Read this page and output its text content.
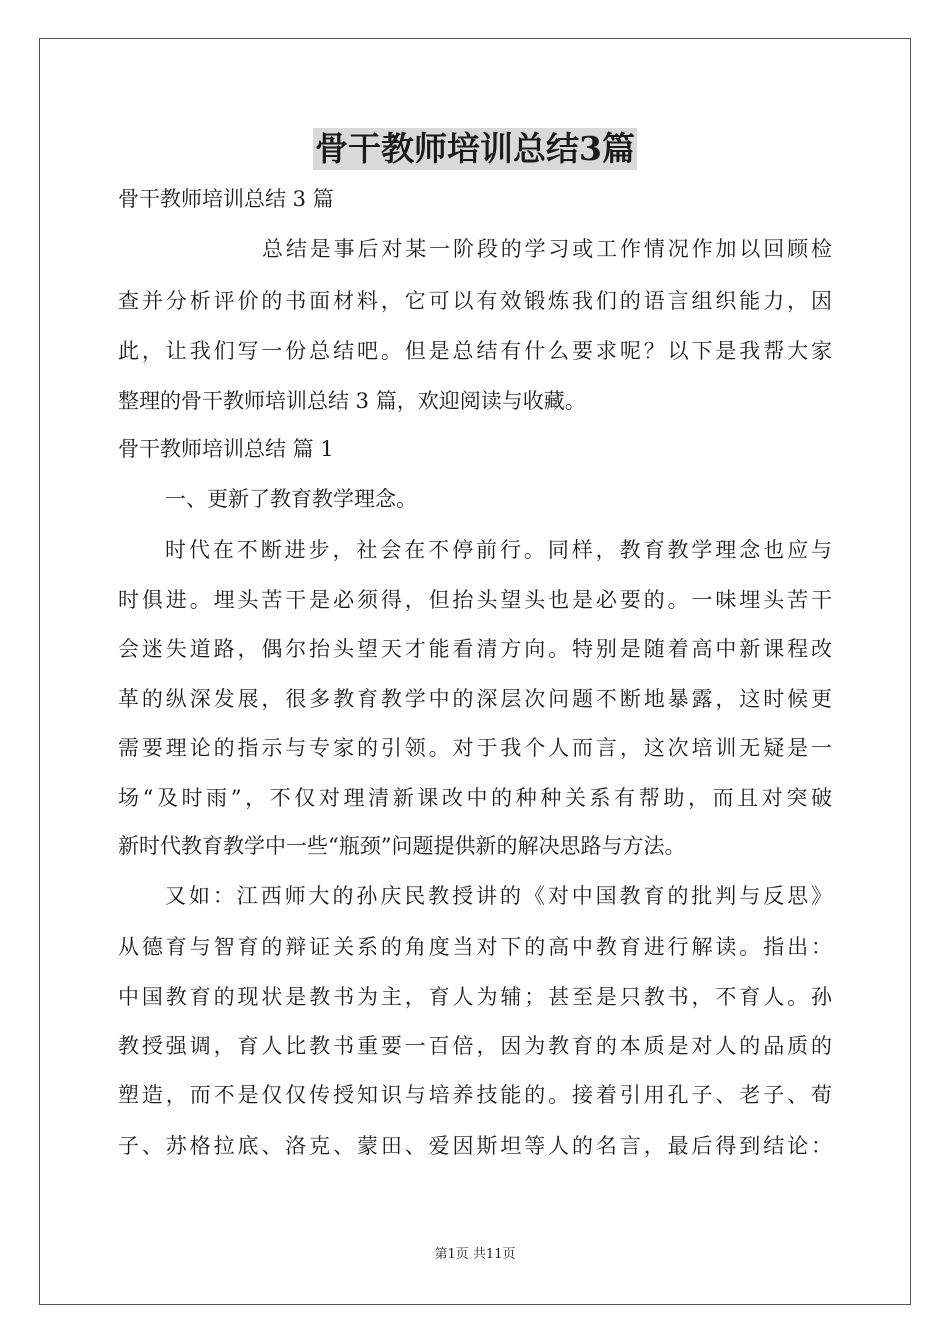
骨干教师培训总结3篇
骨干教师培训总结 3 篇
总结是事后对某一阶段的学习或工作情况作加以回顾检
查并分析评价的书面材料，它可以有效锻炼我们的语言组织能力，因
此，让我们写一份总结吧。但是总结有什么要求呢？以下是我帮大家
整理的骨干教师培训总结 3 篇，欢迎阅读与收藏。
骨干教师培训总结 篇 1
一、更新了教育教学理念。
时代在不断进步，社会在不停前行。同样，教育教学理念也应与
时俱进。埋头苦干是必须得，但抬头望头也是必要的。一味埋头苦干
会迷失道路，偶尔抬头望天才能看清方向。特别是随着高中新课程改
革的纵深发展，很多教育教学中的深层次问题不断地暴露，这时候更
需要理论的指示与专家的引领。对于我个人而言，这次培训无疑是一
场“及时雨”，不仅对理清新课改中的种种关系有帮助，而且对突破
新时代教育教学中一些“瓶颈”问题提供新的解决思路与方法。
又如：江西师大的孙庆民教授讲的《对中国教育的批判与反思》
从德育与智育的辩证关系的角度当对下的高中教育进行解读。指出：
中国教育的现状是教书为主，育人为辅；甚至是只教书，不育人。孙
教授强调，育人比教书重要一百倍，因为教育的本质是对人的品质的
塑造，而不是仅仅传授知识与培养技能的。接着引用孔子、老子、荀
子、苏格拉底、洛克、蒙田、爱因斯坦等人的名言，最后得到结论：
第1页 共11页
